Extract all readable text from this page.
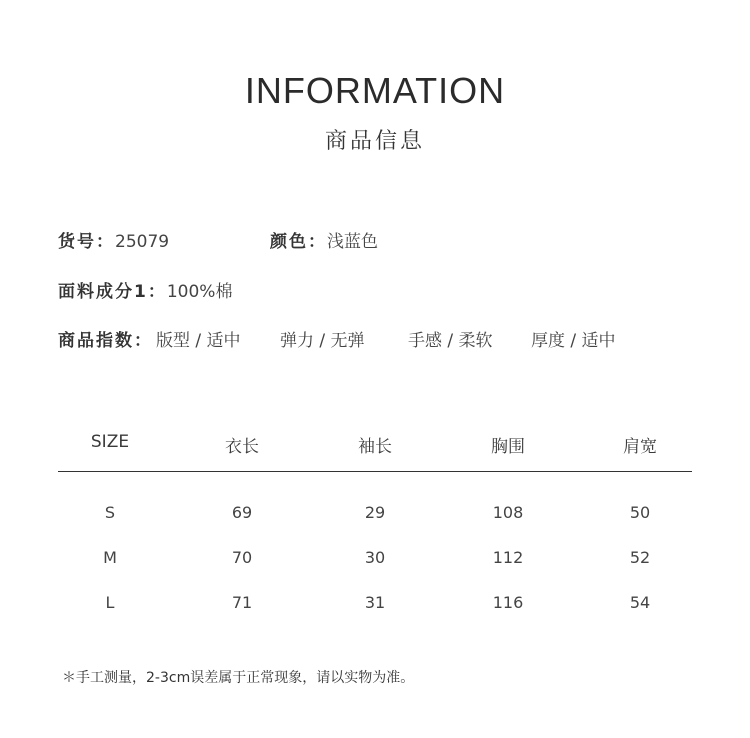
INFORMATION
商品信息
货号：25079	颜色：浅蓝色
面料成分1：100%棉
商品指数： 版型 / 适中 弹力 / 无弹	手感 / 柔软 厚度 / 适中
SIZE	衣长	袖长	胸围	肩宽
S	69	29	108	50
M	70	30	112	52
L	71	31	116	54
＊手工测量，2-3cm误差属于正常现象，请以实物为准。
